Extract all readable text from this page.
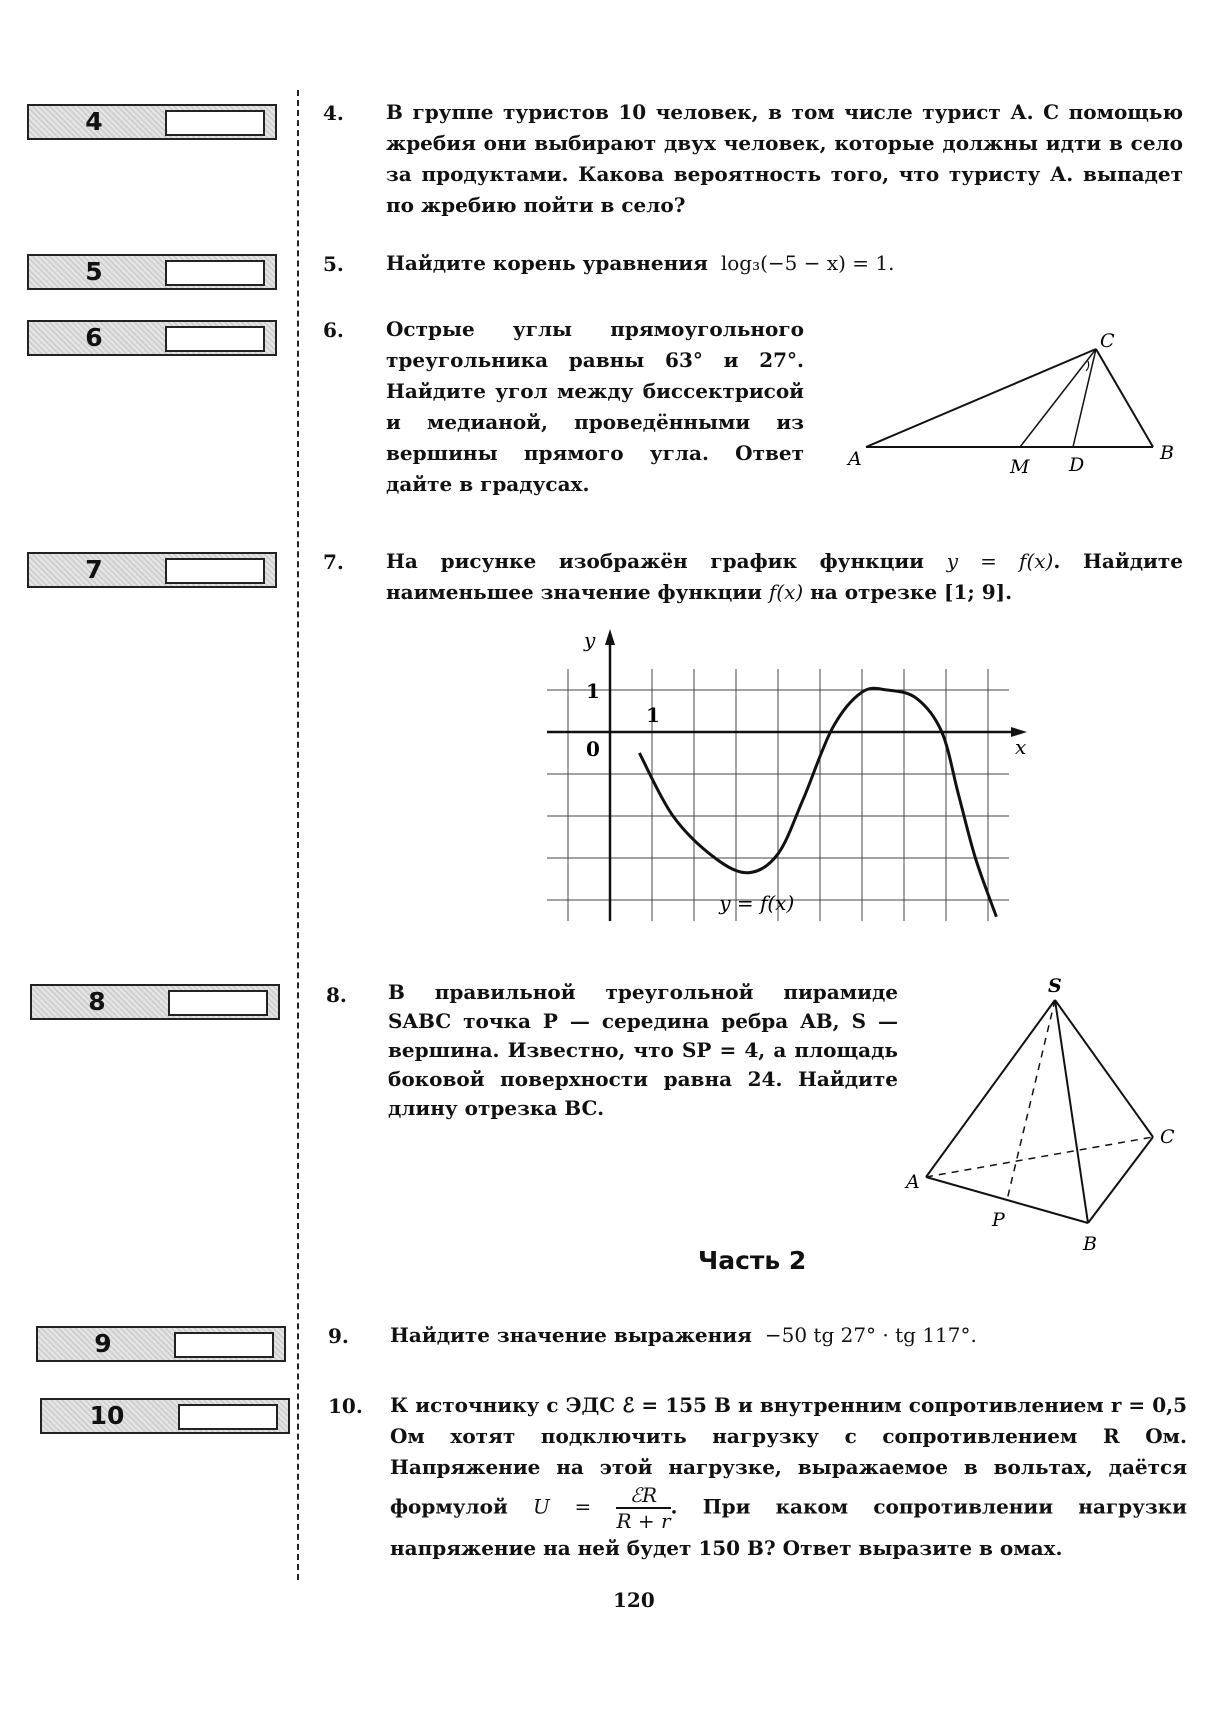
4
5
6
7
8
9
10
4. В группе туристов 10 человек, в том числе турист А. С помощью жребия они выбирают двух человек, которые должны идти в село за продуктами. Какова вероятность того, что туристу А. выпадет по жребию пойти в село?
5. Найдите корень уравнения log₃(−5 − x) = 1.
6. Острые углы прямоугольного треугольника равны 63° и 27°. Найдите угол между биссектрисой и медианой, проведёнными из вершины прямого угла. Ответ дайте в градусах.
A	B
C
M D
7. На рисунке изображён график функции y = f(x). Найдите наименьшее значение функции f(x) на отрезке [1; 9].
y
x
0
1
1
y = f(x)
8. В правильной треугольной пирамиде SABC точка P — середина ребра AB, S — вершина. Известно, что SP = 4, а площадь боковой поверхности равна 24. Найдите длину отрезка BC.
S
A
B
C
P
Часть 2
9. Найдите значение выражения −50 tg 27° · tg 117°.
10. К источнику с ЭДС ℰ = 155 В и внутренним сопротивлением r = 0,5 Ом хотят подключить нагрузку с сопротивлением R Ом. Напряжение на этой нагрузке, выражаемое в вольтах, даётся формулой $U = \frac{\text{ℰR}}{R + r}$ . При каком сопротивлении нагрузки напряжение на ней будет 150 В? Ответ выразите в омах.
120
